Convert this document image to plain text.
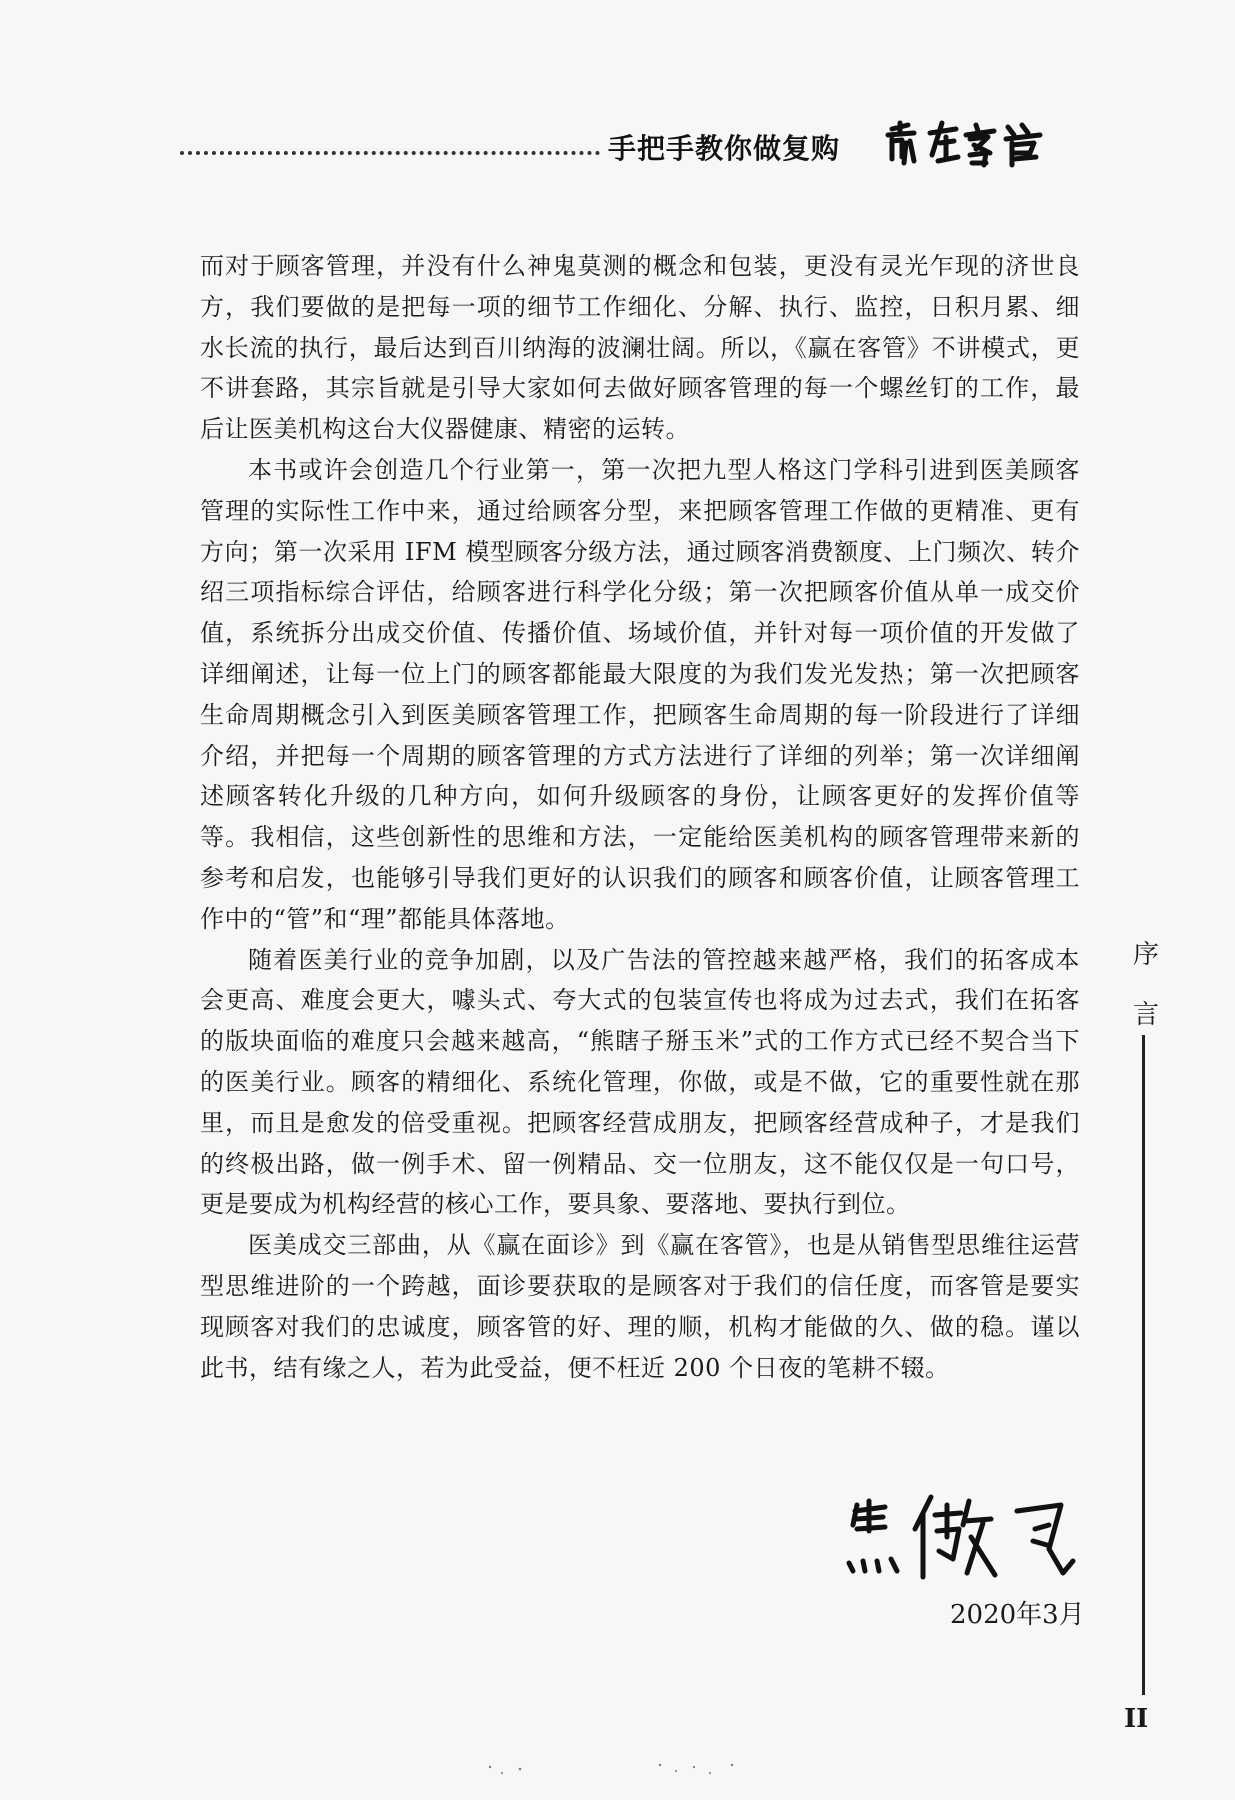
手把手教你做复购

而对于顾客管理，并没有什么神鬼莫测的概念和包装，更没有灵光乍现的济世良方，我们要做的是把每一项的细节工作细化、分解、执行、监控，日积月累、细水长流的执行，最后达到百川纳海的波澜壮阔。所以，《赢在客管》不讲模式，更不讲套路，其宗旨就是引导大家如何去做好顾客管理的每一个螺丝钉的工作，最后让医美机构这台大仪器健康、精密的运转。

本书或许会创造几个行业第一，第一次把九型人格这门学科引进到医美顾客管理的实际性工作中来，通过给顾客分型，来把顾客管理工作做的更精准、更有方向；第一次采用 IFM 模型顾客分级方法，通过顾客消费额度、上门频次、转介绍三项指标综合评估，给顾客进行科学化分级；第一次把顾客价值从单一成交价值，系统拆分出成交价值、传播价值、场域价值，并针对每一项价值的开发做了详细阐述，让每一位上门的顾客都能最大限度的为我们发光发热；第一次把顾客生命周期概念引入到医美顾客管理工作，把顾客生命周期的每一阶段进行了详细介绍，并把每一个周期的顾客管理的方式方法进行了详细的列举；第一次详细阐述顾客转化升级的几种方向，如何升级顾客的身份，让顾客更好的发挥价值等等。我相信，这些创新性的思维和方法，一定能给医美机构的顾客管理带来新的参考和启发，也能够引导我们更好的认识我们的顾客和顾客价值，让顾客管理工作中的“管”和“理”都能具体落地。

随着医美行业的竞争加剧，以及广告法的管控越来越严格，我们的拓客成本会更高、难度会更大，噱头式、夸大式的包装宣传也将成为过去式，我们在拓客的版块面临的难度只会越来越高，“熊瞎子掰玉米”式的工作方式已经不契合当下的医美行业。顾客的精细化、系统化管理，你做，或是不做，它的重要性就在那里，而且是愈发的倍受重视。把顾客经营成朋友，把顾客经营成种子，才是我们的终极出路，做一例手术、留一例精品、交一位朋友，这不能仅仅是一句口号，更是要成为机构经营的核心工作，要具象、要落地、要执行到位。

医美成交三部曲，从《赢在面诊》到《赢在客管》，也是从销售型思维往运营型思维进阶的一个跨越，面诊要获取的是顾客对于我们的信任度，而客管是要实现顾客对我们的忠诚度，顾客管的好、理的顺，机构才能做的久、做的稳。谨以此书，结有缘之人，若为此受益，便不枉近 200 个日夜的笔耕不辍。

2020年3月
序
言
II
